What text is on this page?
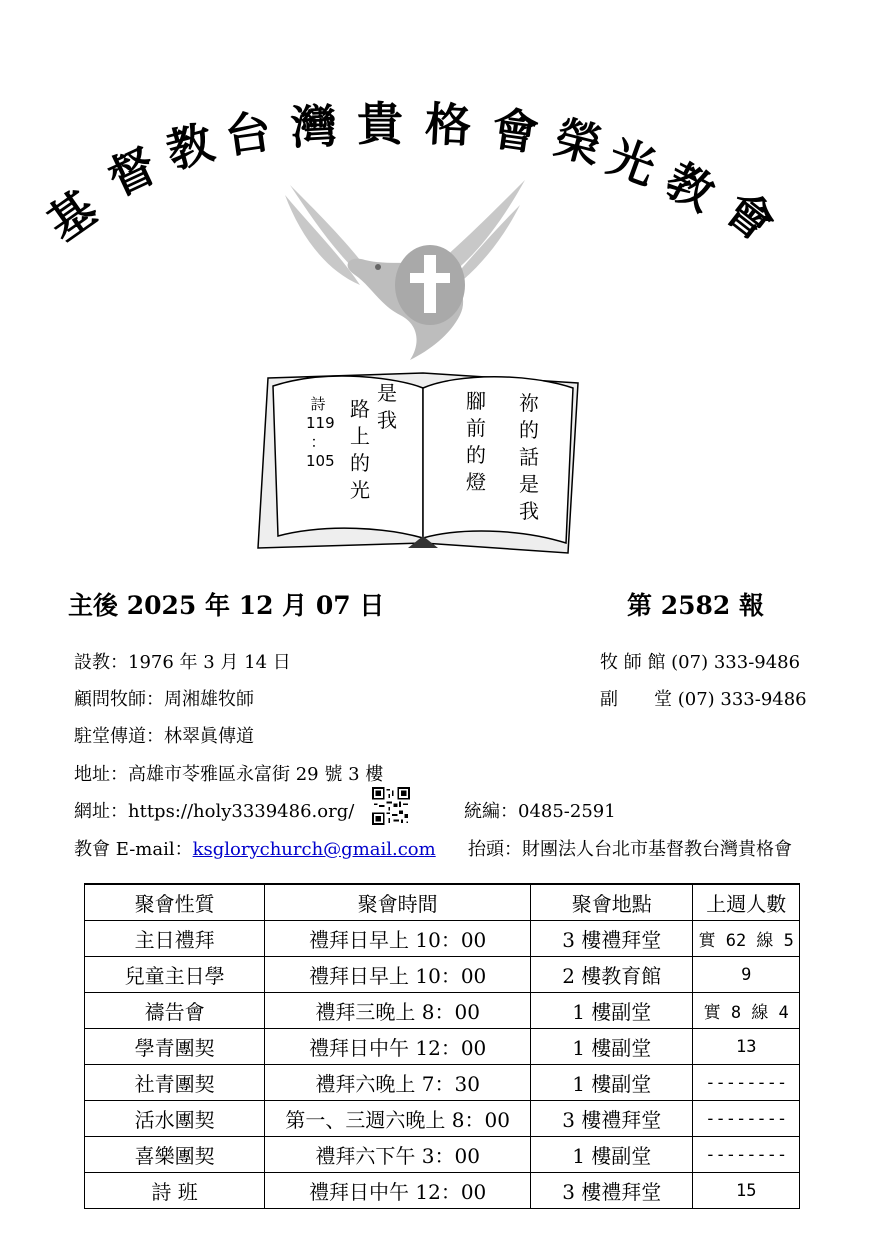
基
督
教 台 灣 貴 格 會 榮
光
教
會
詩
119
：
105
路
上
的
光
是
我
腳
前
的
燈
祢
的
話
是
我
主後 2025 年 12 月 07 日	第 2582 報
設教：1976 年 3 月 14 日
顧問牧師：周湘雄牧師
駐堂傳道：林翠眞傳道
地址：高雄市苓雅區永富街 29 號 3 樓
網址：https://holy3339486.org/
教會 E-mail：ksglorychurch@gmail.com
牧 師 館 (07) 333-9486
副　　堂 (07) 333-9486
統編：0485-2591
抬頭：財團法人台北市基督教台灣貴格會
聚會性質	聚會時間	聚會地點	上週人數
主日禮拜	禮拜日早上 10：00	3 樓禮拜堂	實 62 線 5
兒童主日學	禮拜日早上 10：00	2 樓教育館	9
禱告會	禮拜三晚上 8：00	1 樓副堂	實 8 線 4
學青團契	禮拜日中午 12：00	1 樓副堂	13
社青團契	禮拜六晚上 7：30	1 樓副堂	--------
活水團契	第一、三週六晚上 8：00	3 樓禮拜堂	--------
喜樂團契	禮拜六下午 3：00	1 樓副堂	--------
詩 班	禮拜日中午 12：00	3 樓禮拜堂	15
